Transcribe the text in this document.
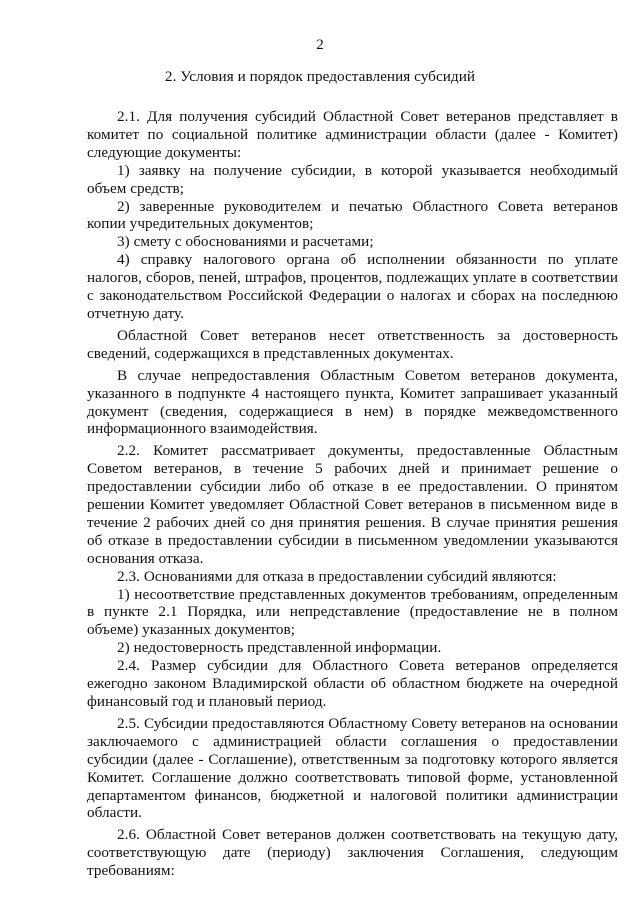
2
2. Условия и порядок предоставления субсидий

2.1. Для получения субсидий Областной Совет ветеранов представляет в комитет по социальной политике администрации области (далее - Комитет) следующие документы:

1) заявку на получение субсидии, в которой указывается необходимый объем средств;

2) заверенные руководителем и печатью Областного Совета ветеранов копии учредительных документов;

3) смету с обоснованиями и расчетами;

4) справку налогового органа об исполнении обязанности по уплате налогов, сборов, пеней, штрафов, процентов, подлежащих уплате в соответствии с законодательством Российской Федерации о налогах и сборах на последнюю отчетную дату.

Областной Совет ветеранов несет ответственность за достоверность сведений, содержащихся в представленных документах.

В случае непредоставления Областным Советом ветеранов документа, указанного в подпункте 4 настоящего пункта, Комитет запрашивает указанный документ (сведения, содержащиеся в нем) в порядке межведомственного информационного взаимодействия.

2.2. Комитет рассматривает документы, предоставленные Областным Советом ветеранов, в течение 5 рабочих дней и принимает решение о предоставлении субсидии либо об отказе в ее предоставлении. О принятом решении Комитет уведомляет Областной Совет ветеранов в письменном виде в течение 2 рабочих дней со дня принятия решения. В случае принятия решения об отказе в предоставлении субсидии в письменном уведомлении указываются основания отказа.

2.3. Основаниями для отказа в предоставлении субсидий являются:

1) несоответствие представленных документов требованиям, определенным в пункте 2.1 Порядка, или непредставление (предоставление не в полном объеме) указанных документов;

2) недостоверность представленной информации.

2.4. Размер субсидии для Областного Совета ветеранов определяется ежегодно законом Владимирской области об областном бюджете на очередной финансовый год и плановый период.

2.5. Субсидии предоставляются Областному Совету ветеранов на основании заключаемого с администрацией области соглашения о предоставлении субсидии (далее - Соглашение), ответственным за подготовку которого является Комитет. Соглашение должно соответствовать типовой форме, установленной департаментом финансов, бюджетной и налоговой политики администрации области.

2.6. Областной Совет ветеранов должен соответствовать на текущую дату, соответствующую дате (периоду) заключения Соглашения, следующим требованиям:
